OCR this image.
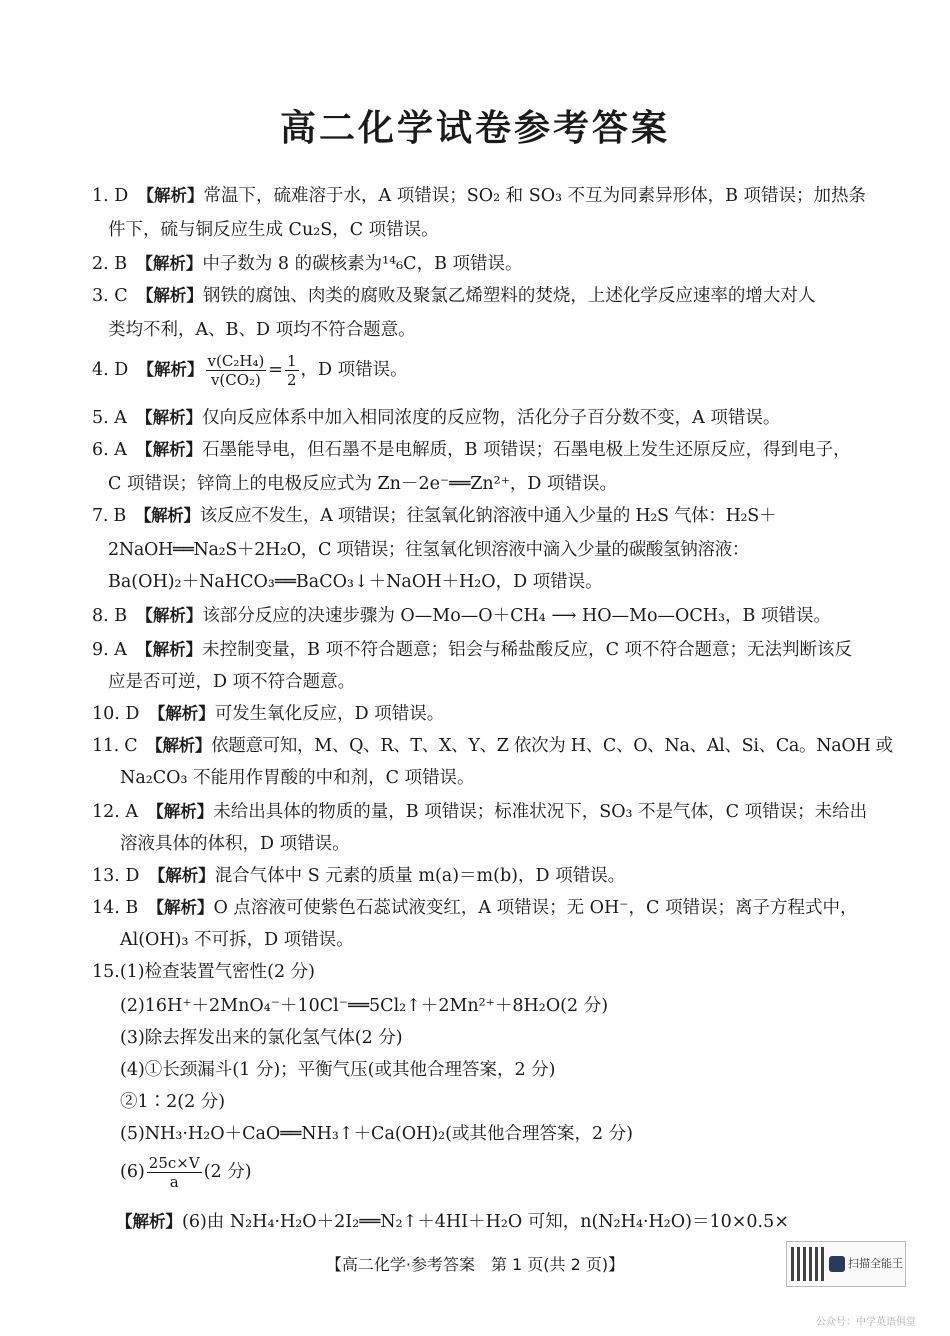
高二化学试卷参考答案
1. D　 【解析】常温下，硫难溶于水，A 项错误；SO₂ 和 SO₃ 不互为同素异形体，B 项错误；加热条
件下，硫与铜反应生成 Cu₂S，C 项错误。
2. B　 【解析】中子数为 8 的碳核素为¹⁴₆C，B 项错误。
3. C　 【解析】钢铁的腐蚀、肉类的腐败及聚氯乙烯塑料的焚烧，上述化学反应速率的增大对人
类均不利，A、B、D 项均不符合题意。
4. D　 【解析】 $\frac{\text{v(C₂H₄)}}{\text{v(CO₂)}} = \frac{1}{2}$ ，D 项错误。
5. A　 【解析】仅向反应体系中加入相同浓度的反应物，活化分子百分数不变，A 项错误。
6. A　 【解析】石墨能导电，但石墨不是电解质，B 项错误；石墨电极上发生还原反应，得到电子，
C 项错误；锌筒上的电极反应式为 Zn－2e⁻══Zn²⁺，D 项错误。
7. B　 【解析】该反应不发生，A 项错误；往氢氧化钠溶液中通入少量的 H₂S 气体：H₂S＋
2NaOH══Na₂S＋2H₂O，C 项错误；往氢氧化钡溶液中滴入少量的碳酸氢钠溶液：
Ba(OH)₂＋NaHCO₃══BaCO₃↓＋NaOH＋H₂O，D 项错误。
8. B　 【解析】该部分反应的决速步骤为 O—Mo—O＋CH₄ ⟶ HO—Mo—OCH₃，B 项错误。
9. A　 【解析】未控制变量，B 项不符合题意；铝会与稀盐酸反应，C 项不符合题意；无法判断该反
应是否可逆，D 项不符合题意。
10. D　 【解析】可发生氧化反应，D 项错误。
11. C　 【解析】依题意可知，M、Q、R、T、X、Y、Z 依次为 H、C、O、Na、Al、Si、Ca。NaOH 或
Na₂CO₃ 不能用作胃酸的中和剂，C 项错误。
12. A　 【解析】未给出具体的物质的量，B 项错误；标准状况下，SO₃ 不是气体，C 项错误；未给出
溶液具体的体积，D 项错误。
13. D　 【解析】混合气体中 S 元素的质量 m(a)＝m(b)，D 项错误。
14. B　 【解析】O 点溶液可使紫色石蕊试液变红，A 项错误；无 OH⁻，C 项错误；离子方程式中，
Al(OH)₃ 不可拆，D 项错误。
15.(1)检查装置气密性(2 分)
(2)16H⁺＋2MnO₄⁻＋10Cl⁻══5Cl₂↑＋2Mn²⁺＋8H₂O(2 分)
(3)除去挥发出来的氯化氢气体(2 分)
(4)①长颈漏斗(1 分)；平衡气压(或其他合理答案，2 分)
②1∶2(2 分)
(5)NH₃·H₂O＋CaO══NH₃↑＋Ca(OH)₂(或其他合理答案，2 分)
$(6) \frac{25c\times V}{a} (2$ 分)
【解析】(6)由 N₂H₄·H₂O＋2I₂══N₂↑＋4HI＋H₂O 可知，n(N₂H₄·H₂O)＝10×0.5×
【高二化学·参考答案　第 1 页(共 2 页)】	扫描全能王
公众号：中学英语俱堂
